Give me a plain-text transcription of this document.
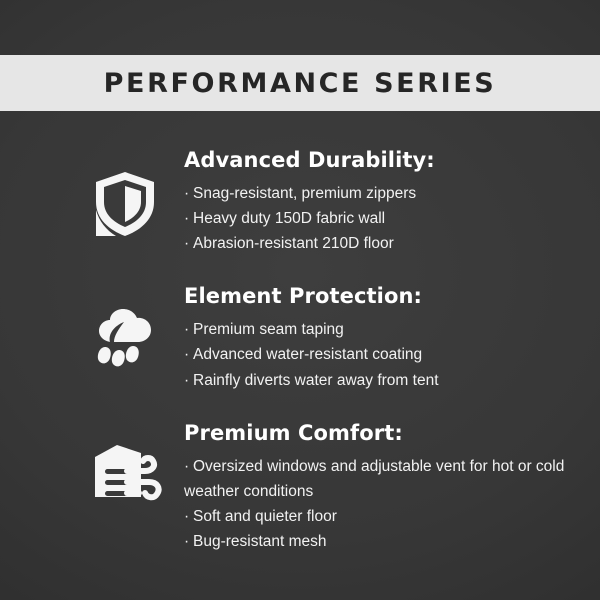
PERFORMANCE SERIES

Advanced Durability:

· Snag-resistant, premium zippers

· Heavy duty 150D fabric wall

· Abrasion-resistant 210D floor

Element Protection:

· Premium seam taping

· Advanced water-resistant coating

· Rainfly diverts water away from tent

Premium Comfort:

· Oversized windows and adjustable vent for hot or cold weather conditions

· Soft and quieter floor

· Bug-resistant mesh
